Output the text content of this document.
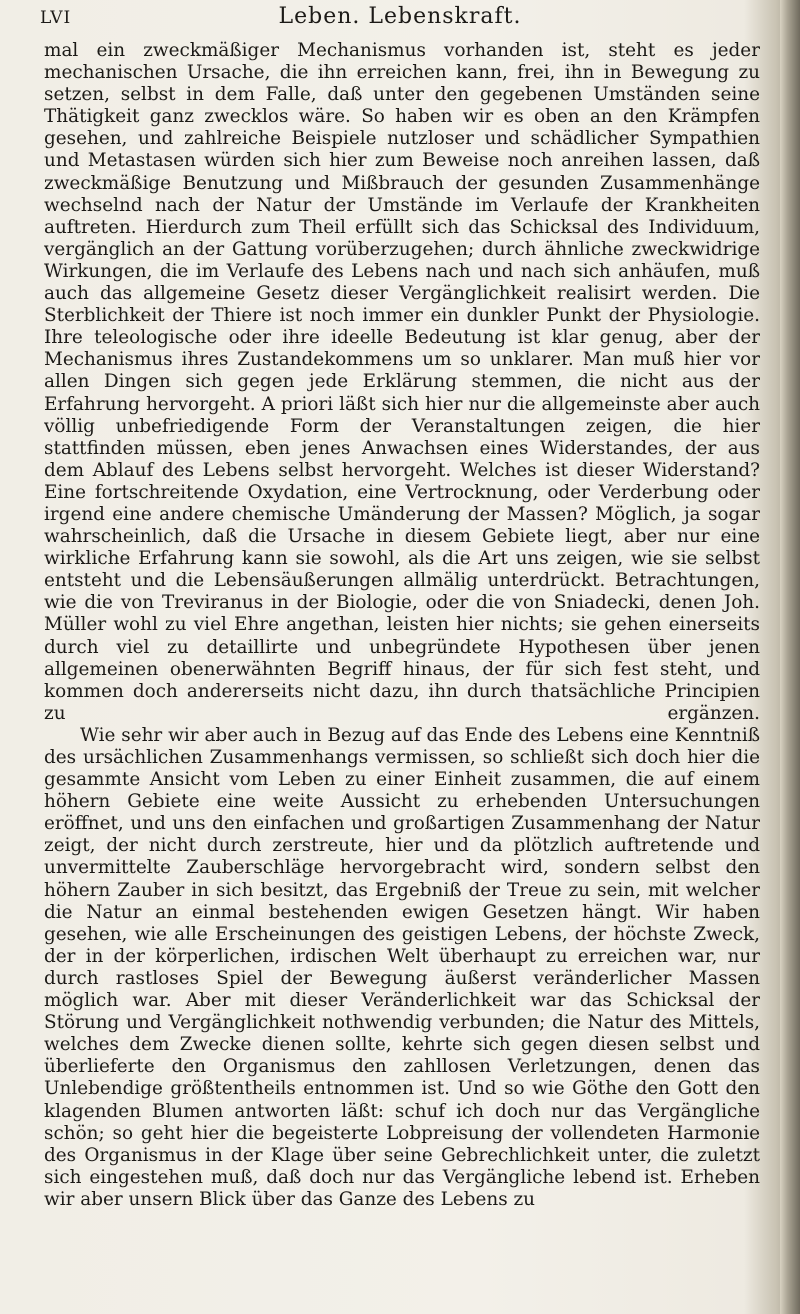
LVI	Leben. Lebenskraft.

mal ein zweckmäßiger Mechanismus vorhanden ist, steht es jeder mechanischen Ursache, die ihn erreichen kann, frei, ihn in Bewegung zu setzen, selbst in dem Falle, daß unter den gegebenen Umständen seine Thätigkeit ganz zwecklos wäre. So haben wir es oben an den Krämpfen gesehen, und zahlreiche Beispiele nutzloser und schädlicher Sympathien und Metastasen würden sich hier zum Beweise noch anreihen lassen, daß zweckmäßige Benutzung und Mißbrauch der gesunden Zusammenhänge wechselnd nach der Natur der Umstände im Verlaufe der Krankheiten auftreten. Hierdurch zum Theil erfüllt sich das Schicksal des Individuum, vergänglich an der Gattung vorüberzugehen; durch ähnliche zweckwidrige Wirkungen, die im Verlaufe des Lebens nach und nach sich anhäufen, muß auch das allgemeine Gesetz dieser Vergänglichkeit realisirt werden. Die Sterblichkeit der Thiere ist noch immer ein dunkler Punkt der Physiologie. Ihre teleologische oder ihre ideelle Bedeutung ist klar genug, aber der Mechanismus ihres Zustandekommens um so unklarer. Man muß hier vor allen Dingen sich gegen jede Erklärung stemmen, die nicht aus der Erfahrung hervorgeht. A priori läßt sich hier nur die allgemeinste aber auch völlig unbefriedigende Form der Veranstaltungen zeigen, die hier stattfinden müssen, eben jenes Anwachsen eines Widerstandes, der aus dem Ablauf des Lebens selbst hervorgeht. Welches ist dieser Widerstand? Eine fortschreitende Oxydation, eine Vertrocknung, oder Verderbung oder irgend eine andere chemische Umänderung der Massen? Möglich, ja sogar wahrscheinlich, daß die Ursache in diesem Gebiete liegt, aber nur eine wirkliche Erfahrung kann sie sowohl, als die Art uns zeigen, wie sie selbst entsteht und die Lebensäußerungen allmälig unterdrückt. Betrachtungen, wie die von Treviranus in der Biologie, oder die von Sniadecki, denen Joh. Müller wohl zu viel Ehre angethan, leisten hier nichts; sie gehen einerseits durch viel zu detaillirte und unbegründete Hypothesen über jenen allgemeinen obenerwähnten Begriff hinaus, der für sich fest steht, und kommen doch andererseits nicht dazu, ihn durch thatsächliche Principien zu ergänzen.

Wie sehr wir aber auch in Bezug auf das Ende des Lebens eine Kenntniß des ursächlichen Zusammenhangs vermissen, so schließt sich doch hier die gesammte Ansicht vom Leben zu einer Einheit zusammen, die auf einem höhern Gebiete eine weite Aussicht zu erhebenden Untersuchungen eröffnet, und uns den einfachen und großartigen Zusammenhang der Natur zeigt, der nicht durch zerstreute, hier und da plötzlich auftretende und unvermittelte Zauberschläge hervorgebracht wird, sondern selbst den höhern Zauber in sich besitzt, das Ergebniß der Treue zu sein, mit welcher die Natur an einmal bestehenden ewigen Gesetzen hängt. Wir haben gesehen, wie alle Erscheinungen des geistigen Lebens, der höchste Zweck, der in der körperlichen, irdischen Welt überhaupt zu erreichen war, nur durch rastloses Spiel der Bewegung äußerst veränderlicher Massen möglich war. Aber mit dieser Veränderlichkeit war das Schicksal der Störung und Vergänglichkeit nothwendig verbunden; die Natur des Mittels, welches dem Zwecke dienen sollte, kehrte sich gegen diesen selbst und überlieferte den Organismus den zahllosen Verletzungen, denen das Unlebendige größtentheils entnommen ist. Und so wie Göthe den Gott den klagenden Blumen antworten läßt: schuf ich doch nur das Vergängliche schön; so geht hier die begeisterte Lobpreisung der vollendeten Harmonie des Organismus in der Klage über seine Gebrechlichkeit unter, die zuletzt sich eingestehen muß, daß doch nur das Vergängliche lebend ist. Erheben wir aber unsern Blick über das Ganze des Lebens zu
